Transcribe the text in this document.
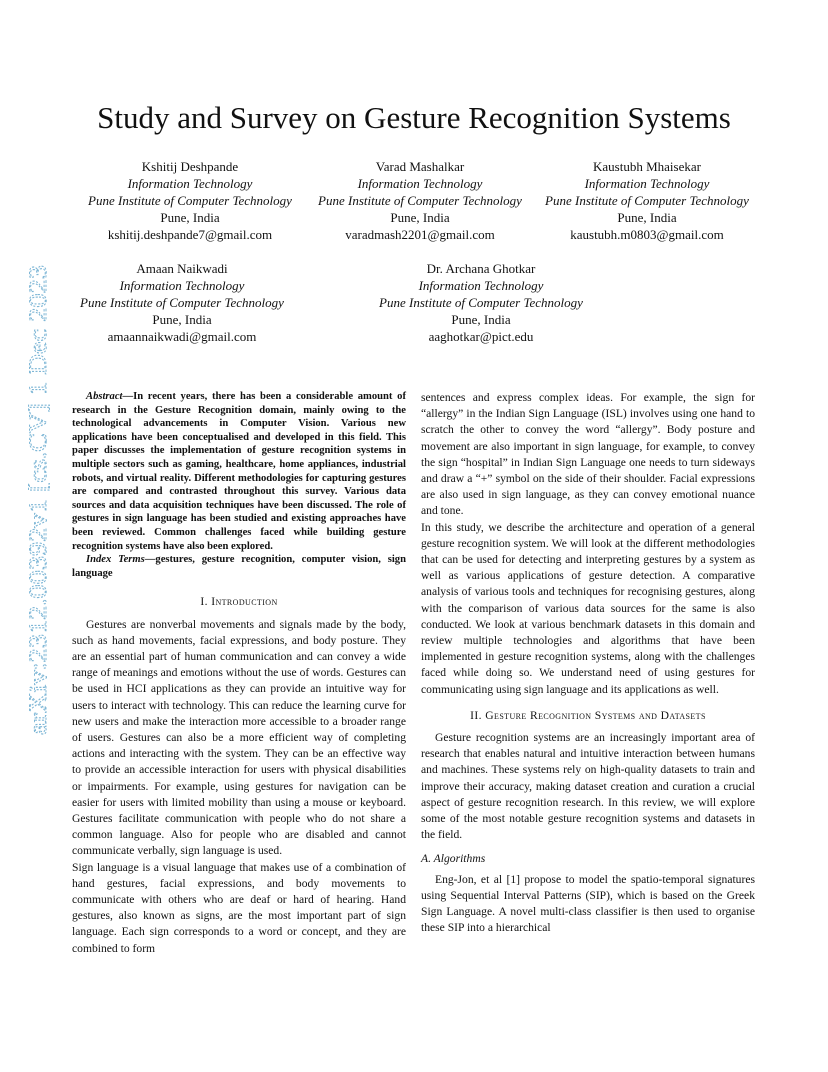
arXiv:2312.00392v1 [cs.CV] 1 Dec 2023
Study and Survey on Gesture Recognition Systems
Kshitij Deshpande
Information Technology
Pune Institute of Computer Technology
Pune, India
kshitij.deshpande7@gmail.com
Varad Mashalkar
Information Technology
Pune Institute of Computer Technology
Pune, India
varadmash2201@gmail.com
Kaustubh Mhaisekar
Information Technology
Pune Institute of Computer Technology
Pune, India
kaustubh.m0803@gmail.com
Amaan Naikwadi
Information Technology
Pune Institute of Computer Technology
Pune, India
amaannaikwadi@gmail.com
Dr. Archana Ghotkar
Information Technology
Pune Institute of Computer Technology
Pune, India
aaghotkar@pict.edu

Abstract—In recent years, there has been a considerable amount of research in the Gesture Recognition domain, mainly owing to the technological advancements in Computer Vision. Various new applications have been conceptualised and developed in this field. This paper discusses the implementation of gesture recognition systems in multiple sectors such as gaming, healthcare, home appliances, industrial robots, and virtual reality. Different methodologies for capturing gestures are compared and contrasted throughout this survey. Various data sources and data acquisition techniques have been discussed. The role of gestures in sign language has been studied and existing approaches have been reviewed. Common challenges faced while building gesture recognition systems have also been explored.

Index Terms—gestures, gesture recognition, computer vision, sign language

I. Introduction

Gestures are nonverbal movements and signals made by the body, such as hand movements, facial expressions, and body posture. They are an essential part of human communication and can convey a wide range of meanings and emotions without the use of words. Gestures can be used in HCI applications as they can provide an intuitive way for users to interact with technology. This can reduce the learning curve for new users and make the interaction more accessible to a broader range of users. Gestures can also be a more efficient way of completing actions and interacting with the system. They can be an effective way to provide an accessible interaction for users with physical disabilities or impairments. For example, using gestures for navigation can be easier for users with limited mobility than using a mouse or keyboard. Gestures facilitate communication with people who do not share a common language. Also for people who are disabled and cannot communicate verbally, sign language is used.

Sign language is a visual language that makes use of a combination of hand gestures, facial expressions, and body movements to communicate with others who are deaf or hard of hearing. Hand gestures, also known as signs, are the most important part of sign language. Each sign corresponds to a word or concept, and they are combined to form

sentences and express complex ideas. For example, the sign for “allergy” in the Indian Sign Language (ISL) involves using one hand to scratch the other to convey the word “allergy”. Body posture and movement are also important in sign language, for example, to convey the sign “hospital” in Indian Sign Language one needs to turn sideways and draw a “+” symbol on the side of their shoulder. Facial expressions are also used in sign language, as they can convey emotional nuance and tone.

In this study, we describe the architecture and operation of a general gesture recognition system. We will look at the different methodologies that can be used for detecting and interpreting gestures by a system as well as various applications of gesture detection. A comparative analysis of various tools and techniques for recognising gestures, along with the comparison of various data sources for the same is also conducted. We look at various benchmark datasets in this domain and review multiple technologies and algorithms that have been implemented in gesture recognition systems, along with the challenges faced while doing so. We understand need of using gestures for communicating using sign language and its applications as well.

II. Gesture Recognition Systems and Datasets

Gesture recognition systems are an increasingly important area of research that enables natural and intuitive interaction between humans and machines. These systems rely on high-quality datasets to train and improve their accuracy, making dataset creation and curation a crucial aspect of gesture recognition research. In this review, we will explore some of the most notable gesture recognition systems and datasets in the field.

A. Algorithms

Eng-Jon, et al [1] propose to model the spatio-temporal signatures using Sequential Interval Patterns (SIP), which is based on the Greek Sign Language. A novel multi-class classifier is then used to organise these SIP into a hierarchical
